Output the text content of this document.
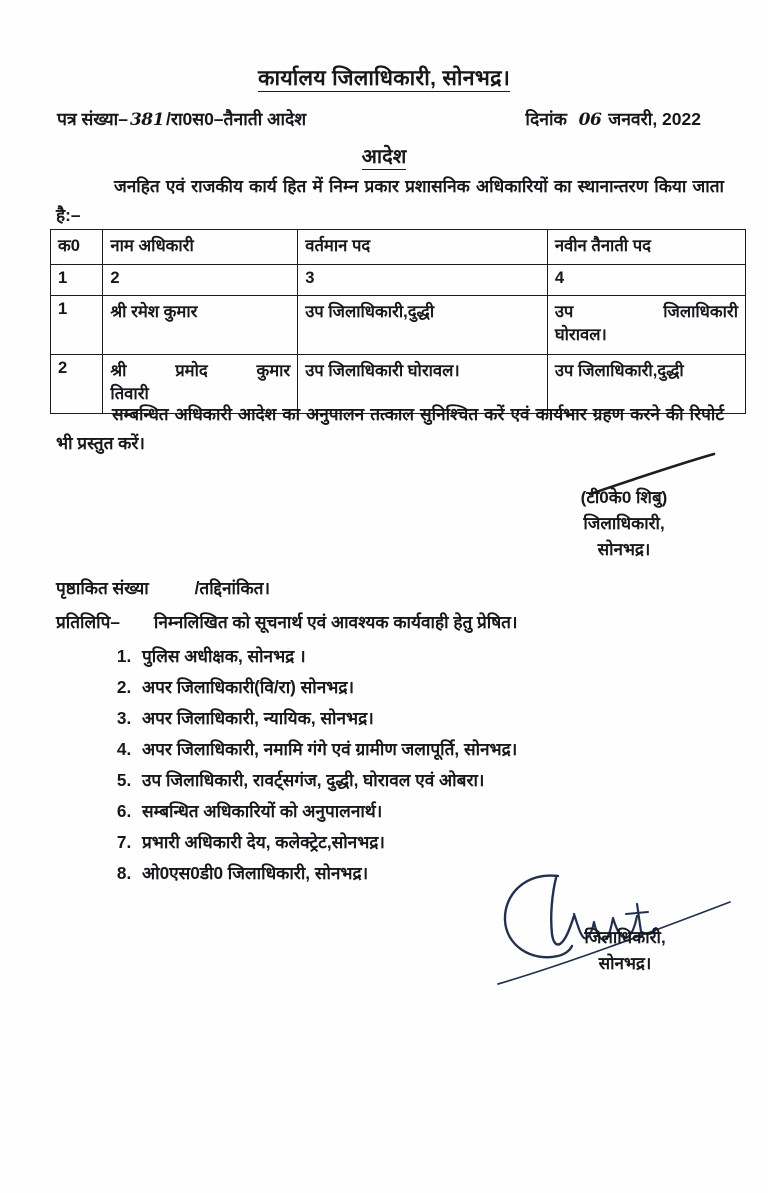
कार्यालय जिलाधिकारी, सोनभद्र।
पत्र संख्या– 381 /रा0स0–तैनाती आदेश	दिनांक 06 जनवरी, 2022
आदेश
जनहित एवं राजकीय कार्य हित में निम्न प्रकार प्रशासनिक अधिकारियों का स्थानान्तरण किया जाता है:–
क0	नाम अधिकारी	वर्तमान पद	नवीन तैनाती पद
1	2	3	4
1	श्री रमेश कुमार	उप जिलाधिकारी,दुद्धी	उप जिलाधिकारी
घोरावल।

2	श्री प्रमोद कुमार
तिवारी	उप जिलाधिकारी घोरावल।	उप जिलाधिकारी,दुद्धी
सम्बन्धित अधिकारी आदेश का अनुपालन तत्काल सुनिश्चित करें एवं कार्यभार ग्रहण करने की रिपोर्ट भी प्रस्तुत करें।
(टी0के0 शिबु)
जिलाधिकारी,
सोनभद्र।
पृष्ठाकित संख्या	/तद्दिनांकित।
प्रतिलिपि– निम्नलिखित को सूचनार्थ एवं आवश्यक कार्यवाही हेतु प्रेषित।
1. पुलिस अधीक्षक, सोनभद्र ।
2. अपर जिलाधिकारी(वि/रा) सोनभद्र।
3. अपर जिलाधिकारी, न्यायिक, सोनभद्र।
4. अपर जिलाधिकारी, नमामि गंगे एवं ग्रामीण जलापूर्ति, सोनभद्र।
5. उप जिलाधिकारी, रावर्ट्सगंज, दुद्धी, घोरावल एवं ओबरा।
6. सम्बन्धित अधिकारियों को अनुपालनार्थ।
7. प्रभारी अधिकारी देय, कलेक्ट्रेट,सोनभद्र।
8. ओ0एस0डी0 जिलाधिकारी, सोनभद्र।
जिलाधिकारी,
सोनभद्र।
